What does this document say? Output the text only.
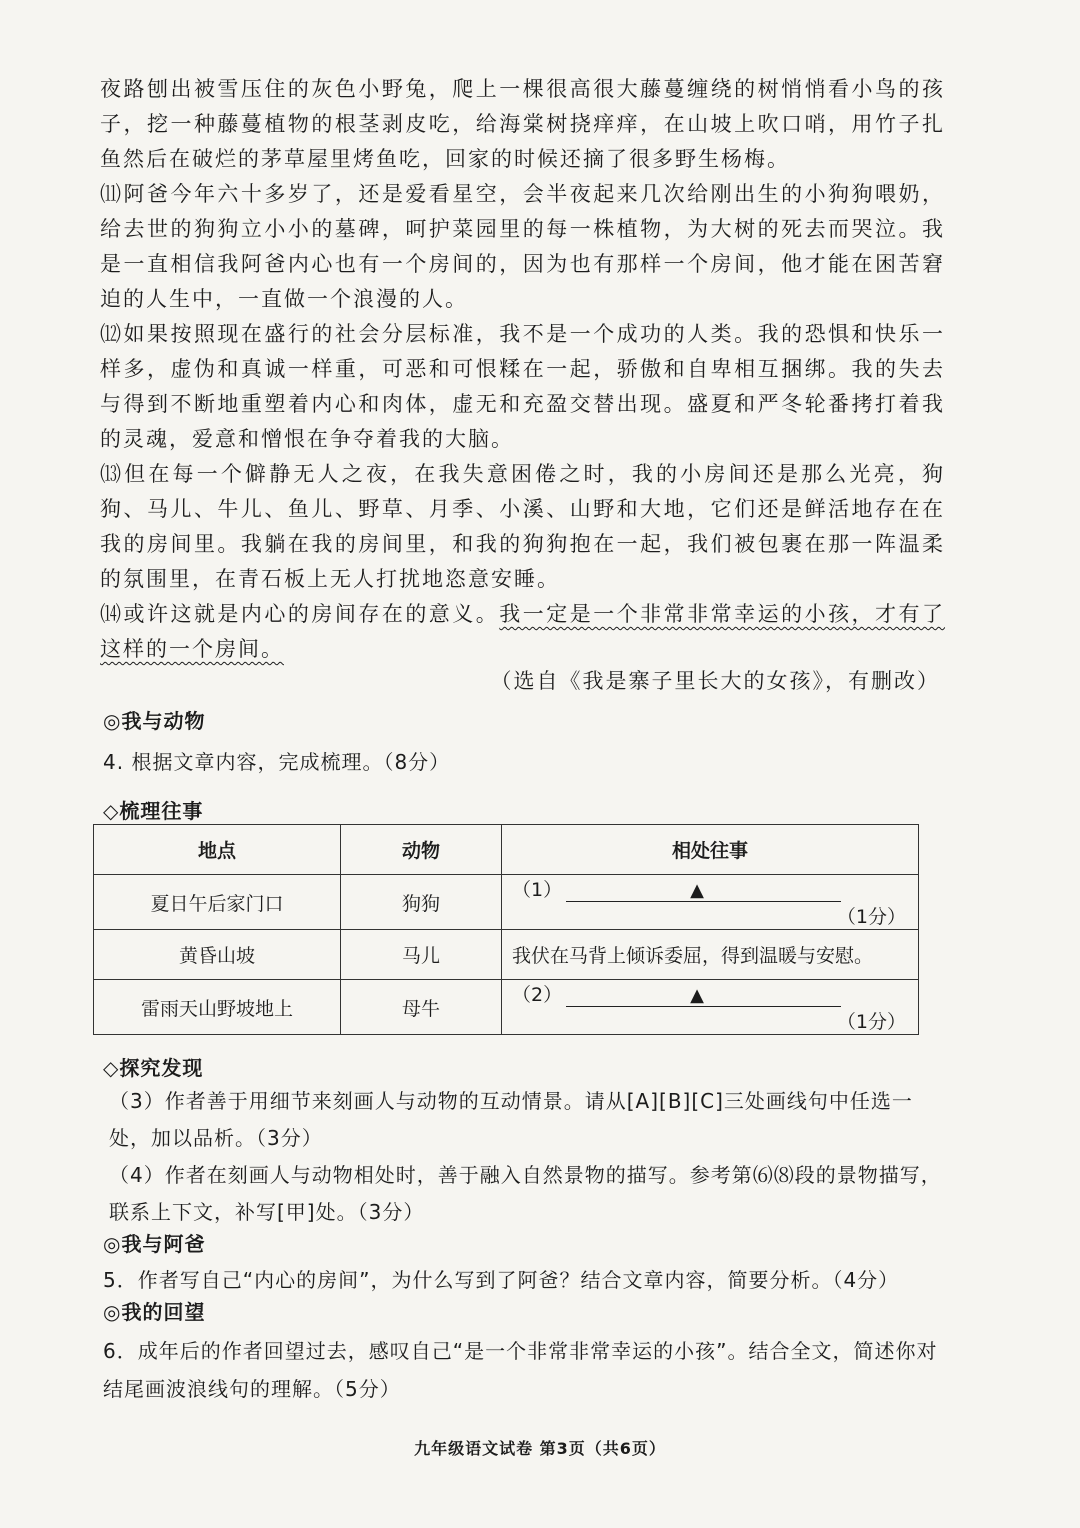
夜路刨出被雪压住的灰色小野兔，爬上一棵很高很大藤蔓缠绕的树悄悄看小鸟的孩子，挖一种藤蔓植物的根茎剥皮吃，给海棠树挠痒痒，在山坡上吹口哨，用竹子扎鱼然后在破烂的茅草屋里烤鱼吃，回家的时候还摘了很多野生杨梅。

⑾阿爸今年六十多岁了，还是爱看星空，会半夜起来几次给刚出生的小狗狗喂奶，给去世的狗狗立小小的墓碑，呵护菜园里的每一株植物，为大树的死去而哭泣。我是一直相信我阿爸内心也有一个房间的，因为也有那样一个房间，他才能在困苦窘迫的人生中，一直做一个浪漫的人。

⑿如果按照现在盛行的社会分层标准，我不是一个成功的人类。我的恐惧和快乐一样多，虚伪和真诚一样重，可恶和可恨糅在一起，骄傲和自卑相互捆绑。我的失去与得到不断地重塑着内心和肉体，虚无和充盈交替出现。盛夏和严冬轮番拷打着我的灵魂，爱意和憎恨在争夺着我的大脑。

⒀但在每一个僻静无人之夜，在我失意困倦之时，我的小房间还是那么光亮，狗狗、马儿、牛儿、鱼儿、野草、月季、小溪、山野和大地，它们还是鲜活地存在在我的房间里。我躺在我的房间里，和我的狗狗抱在一起，我们被包裹在那一阵温柔的氛围里，在青石板上无人打扰地恣意安睡。

⒁或许这就是内心的房间存在的意义。我一定是一个非常非常幸运的小孩，才有了这样的一个房间。

（选自《我是寨子里长大的女孩》，有删改）
◎我与动物

4. 根据文章内容，完成梳理。（8分）

◇梳理往事
地点	动物	相处往事
夏日午后家门口	狗狗	（1） ▲
（1分）

黄昏山坡	马儿	我伏在马背上倾诉委屈，得到温暖与安慰。
雷雨天山野坡地上	母牛	（2） ▲
（1分）
◇探究发现

（3）作者善于用细节来刻画人与动物的互动情景。请从[A][B][C]三处画线句中任选一处，加以品析。（3分）

（4）作者在刻画人与动物相处时，善于融入自然景物的描写。参考第⑹⑻段的景物描写，联系上下文，补写[甲]处。（3分）

◎我与阿爸

5．作者写自己“内心的房间”，为什么写到了阿爸？结合文章内容，简要分析。（4分）

◎我的回望

6．成年后的作者回望过去，感叹自己“是一个非常非常幸运的小孩”。结合全文，简述你对结尾画波浪线句的理解。（5分）

九年级语文试卷 第3页（共6页）
